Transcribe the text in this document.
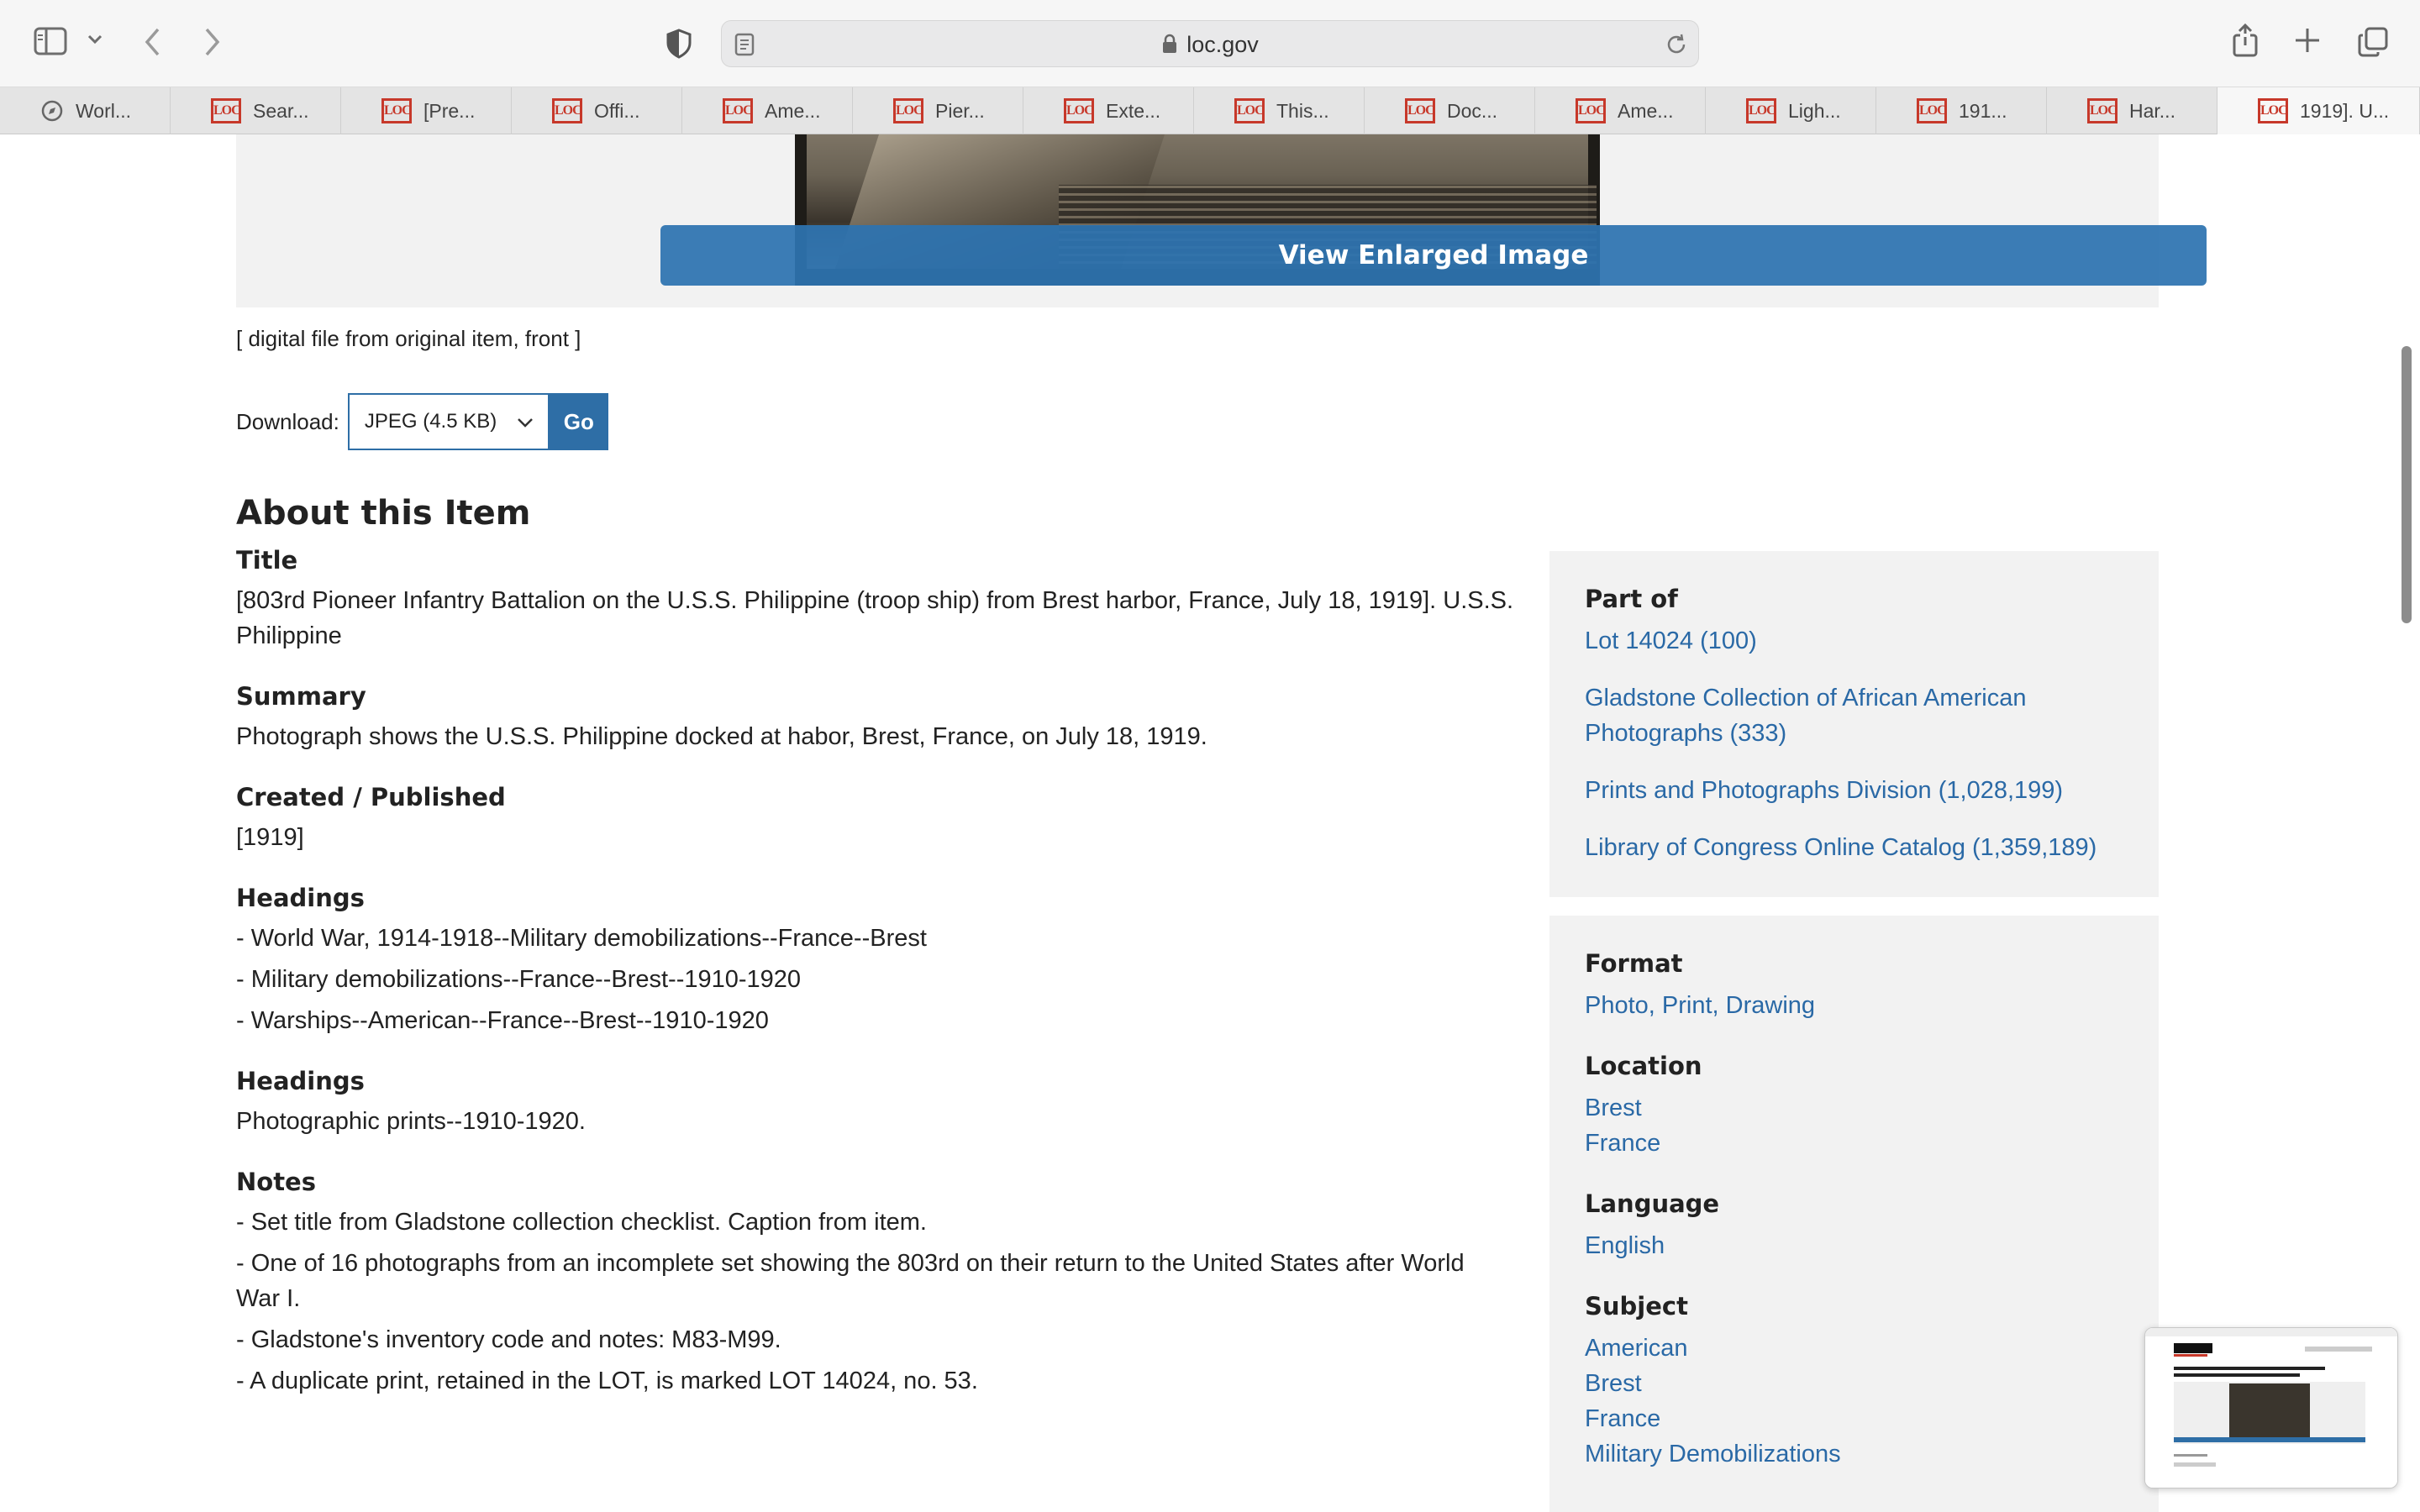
loc.gov
Worl...	LOC Sear...	LOC [Pre...	LOC Offi...	LOC Ame...	LOC Pier...	LOC Exte...	LOC This...	LOC Doc...	LOC Ame...	LOC Ligh...	LOC 191...	LOC Har...	LOC 1919]. U...
View Enlarged Image
[ digital file from original item, front ]
Download: JPEG (4.5 KB)	Go
About this Item
Title
[803rd Pioneer Infantry Battalion on the U.S.S. Philippine (troop ship) from Brest harbor, France, July 18, 1919]. U.S.S. Philippine
Summary
Photograph shows the U.S.S. Philippine docked at habor, Brest, France, on July 18, 1919.
Created / Published
[1919]
Headings
- World War, 1914-1918--Military demobilizations--France--Brest
- Military demobilizations--France--Brest--1910-1920
- Warships--American--France--Brest--1910-1920
Headings
Photographic prints--1910-1920.
Notes
- Set title from Gladstone collection checklist. Caption from item.
- One of 16 photographs from an incomplete set showing the 803rd on their return to the United States after World War I.
- Gladstone's inventory code and notes: M83-M99.
- A duplicate print, retained in the LOT, is marked LOT 14024, no. 53.
Part of
Lot 14024 (100)
Gladstone Collection of African American Photographs (333)
Prints and Photographs Division (1,028,199)
Library of Congress Online Catalog (1,359,189)
Format
Photo, Print, Drawing
Location
Brest
France
Language
English
Subject
American
Brest
France
Military Demobilizations
